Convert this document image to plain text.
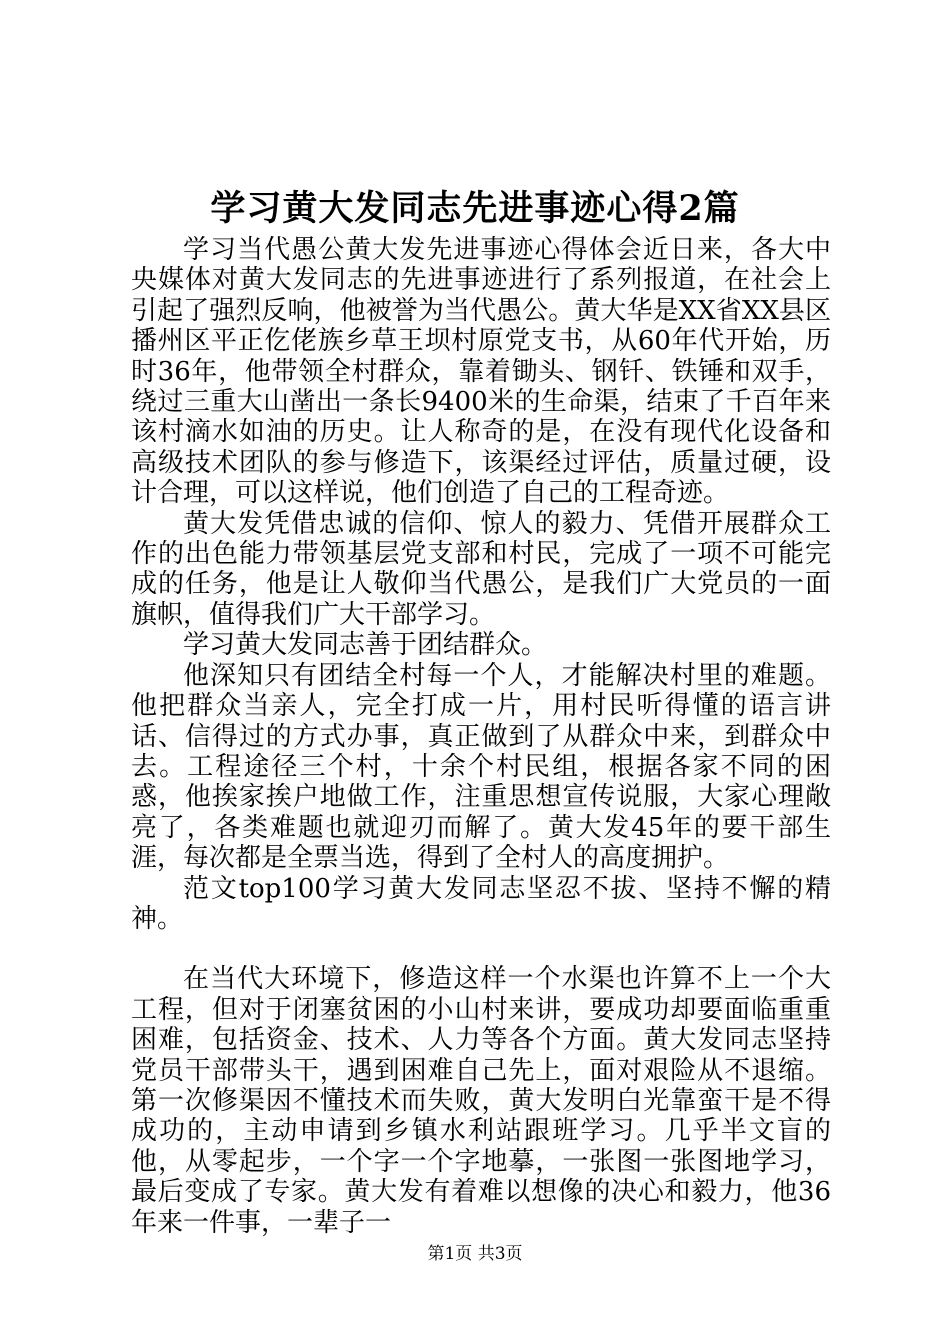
学习黄大发同志先进事迹心得2篇

学习当代愚公黄大发先进事迹心得体会近日来，各大中央媒体对黄大发同志的先进事迹进行了系列报道，在社会上引起了强烈反响，他被誉为当代愚公。黄大华是XX省XX县区播州区平正仡佬族乡草王坝村原党支书，从60年代开始，历时36年，他带领全村群众，靠着锄头、钢钎、铁锤和双手，绕过三重大山凿出一条长9400米的生命渠，结束了千百年来该村滴水如油的历史。让人称奇的是，在没有现代化设备和高级技术团队的参与修造下，该渠经过评估，质量过硬，设计合理，可以这样说，他们创造了自己的工程奇迹。

黄大发凭借忠诚的信仰、惊人的毅力、凭借开展群众工作的出色能力带领基层党支部和村民，完成了一项不可能完成的任务，他是让人敬仰当代愚公，是我们广大党员的一面旗帜，值得我们广大干部学习。

学习黄大发同志善于团结群众。

他深知只有团结全村每一个人，才能解决村里的难题。他把群众当亲人，完全打成一片，用村民听得懂的语言讲话、信得过的方式办事，真正做到了从群众中来，到群众中去。工程途径三个村，十余个村民组，根据各家不同的困惑，他挨家挨户地做工作，注重思想宣传说服，大家心理敞亮了，各类难题也就迎刃而解了。黄大发45年的要干部生涯，每次都是全票当选，得到了全村人的高度拥护。

范文top100学习黄大发同志坚忍不拔、坚持不懈的精神。

在当代大环境下，修造这样一个水渠也许算不上一个大工程，但对于闭塞贫困的小山村来讲，要成功却要面临重重困难，包括资金、技术、人力等各个方面。黄大发同志坚持党员干部带头干，遇到困难自己先上，面对艰险从不退缩。第一次修渠因不懂技术而失败，黄大发明白光靠蛮干是不得成功的，主动申请到乡镇水利站跟班学习。几乎半文盲的他，从零起步，一个字一个字地摹，一张图一张图地学习，最后变成了专家。黄大发有着难以想像的决心和毅力，他36年来一件事，一辈子一

第1页 共3页
